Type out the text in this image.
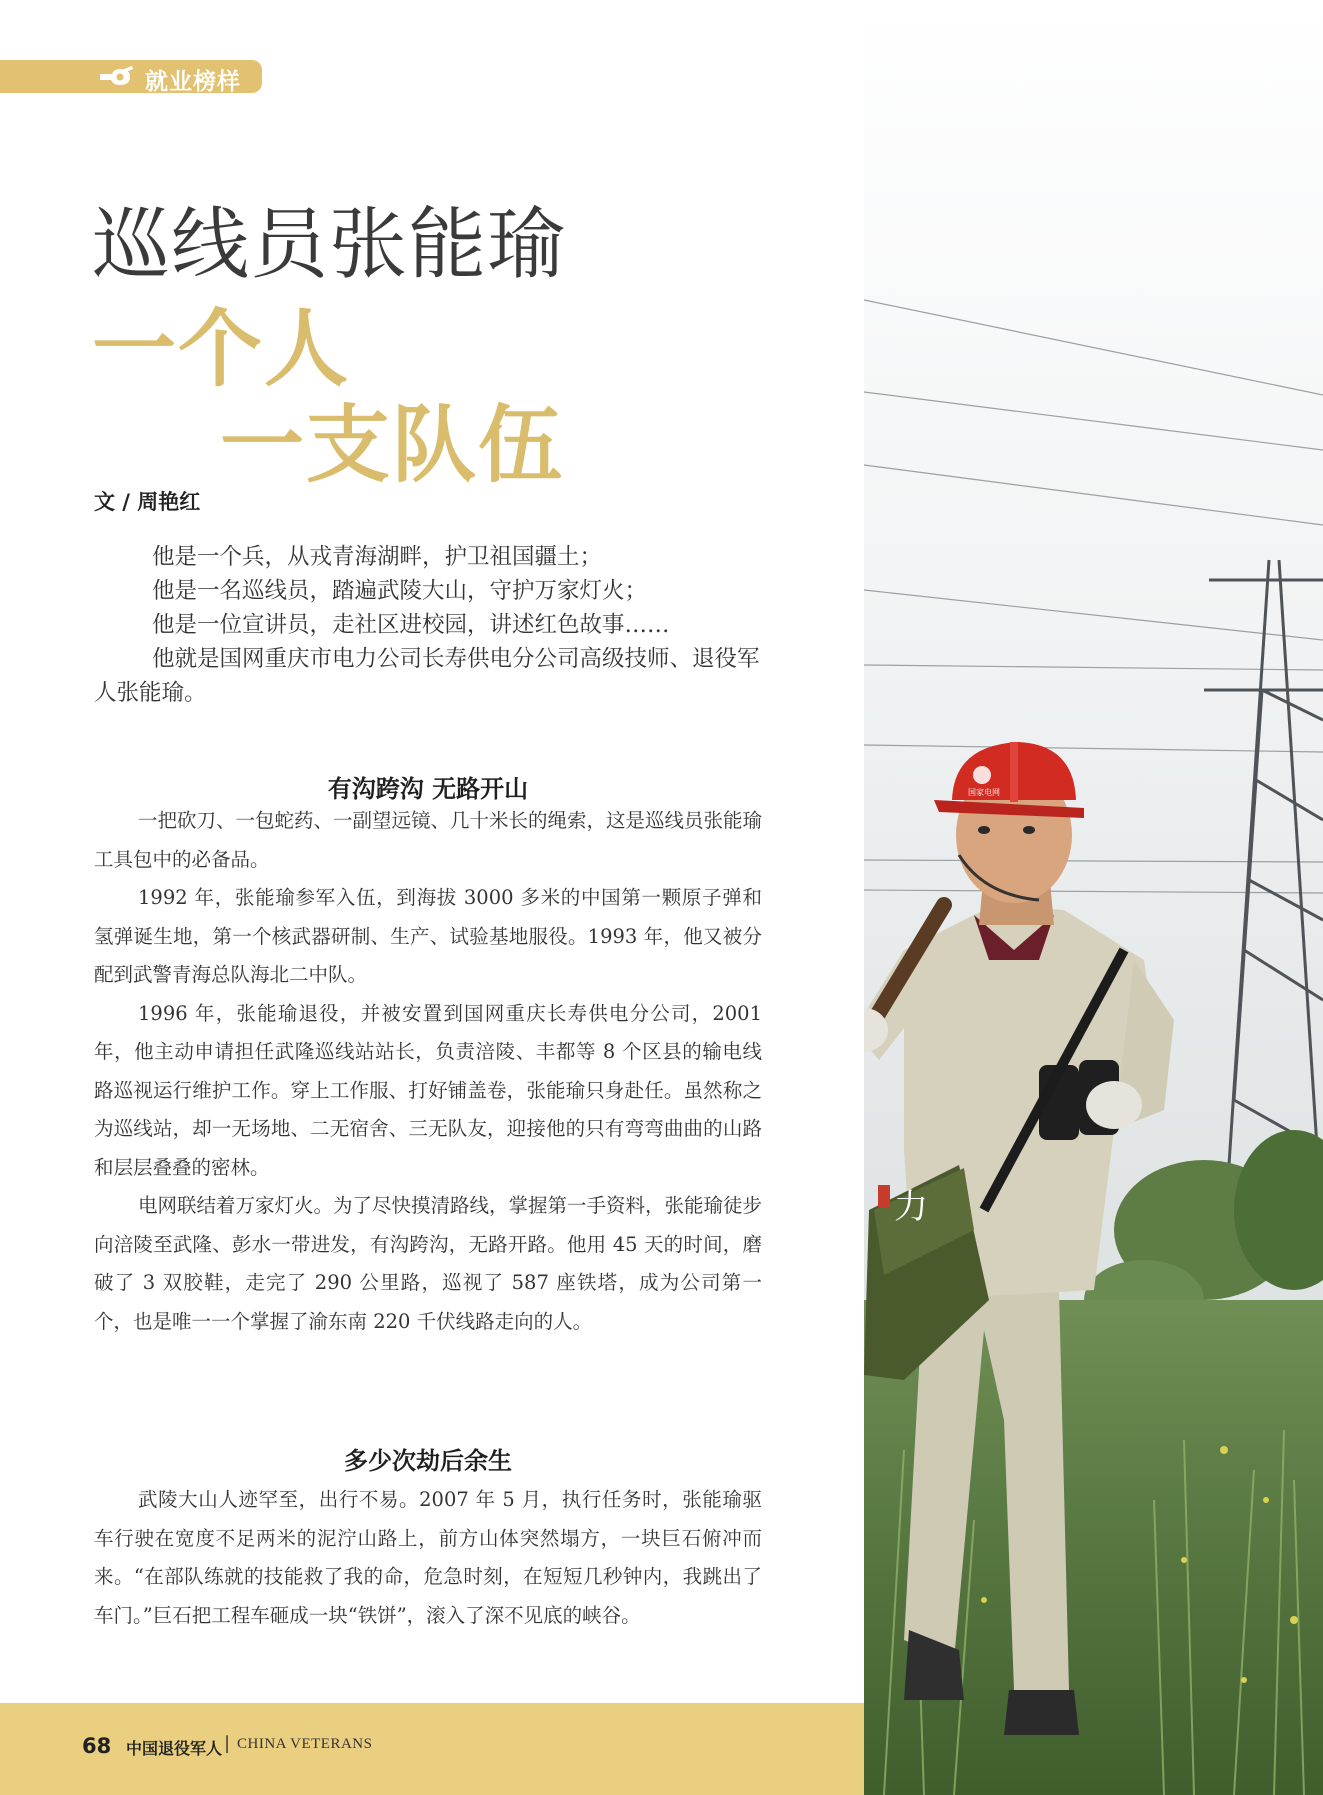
就业榜样
巡线员张能瑜
一个人
一支队伍
文 / 周艳红

他是一个兵，从戎青海湖畔，护卫祖国疆土；

他是一名巡线员，踏遍武陵大山，守护万家灯火；

他是一位宣讲员，走社区进校园，讲述红色故事……

他就是国网重庆市电力公司长寿供电分公司高级技师、退役军人张能瑜。

有沟跨沟 无路开山

一把砍刀、一包蛇药、一副望远镜、几十米长的绳索，这是巡线员张能瑜工具包中的必备品。

1992 年，张能瑜参军入伍，到海拔 3000 多米的中国第一颗原子弹和氢弹诞生地，第一个核武器研制、生产、试验基地服役。1993 年，他又被分配到武警青海总队海北二中队。

1996 年，张能瑜退役，并被安置到国网重庆长寿供电分公司，2001 年，他主动申请担任武隆巡线站站长，负责涪陵、丰都等 8 个区县的输电线路巡视运行维护工作。穿上工作服、打好铺盖卷，张能瑜只身赴任。虽然称之为巡线站，却一无场地、二无宿舍、三无队友，迎接他的只有弯弯曲曲的山路和层层叠叠的密林。

电网联结着万家灯火。为了尽快摸清路线，掌握第一手资料，张能瑜徒步向涪陵至武隆、彭水一带进发，有沟跨沟，无路开路。他用 45 天的时间，磨破了 3 双胶鞋，走完了 290 公里路，巡视了 587 座铁塔，成为公司第一个，也是唯一一个掌握了渝东南 220 千伏线路走向的人。

多少次劫后余生

武陵大山人迹罕至，出行不易。2007 年 5 月，执行任务时，张能瑜驱车行驶在宽度不足两米的泥泞山路上，前方山体突然塌方，一块巨石俯冲而来。“在部队练就的技能救了我的命，危急时刻，在短短几秒钟内，我跳出了车门。”巨石把工程车砸成一块“铁饼”，滚入了深不见底的峡谷。

力
国家电网
68 中国退役军人 | CHINA VETERANS
